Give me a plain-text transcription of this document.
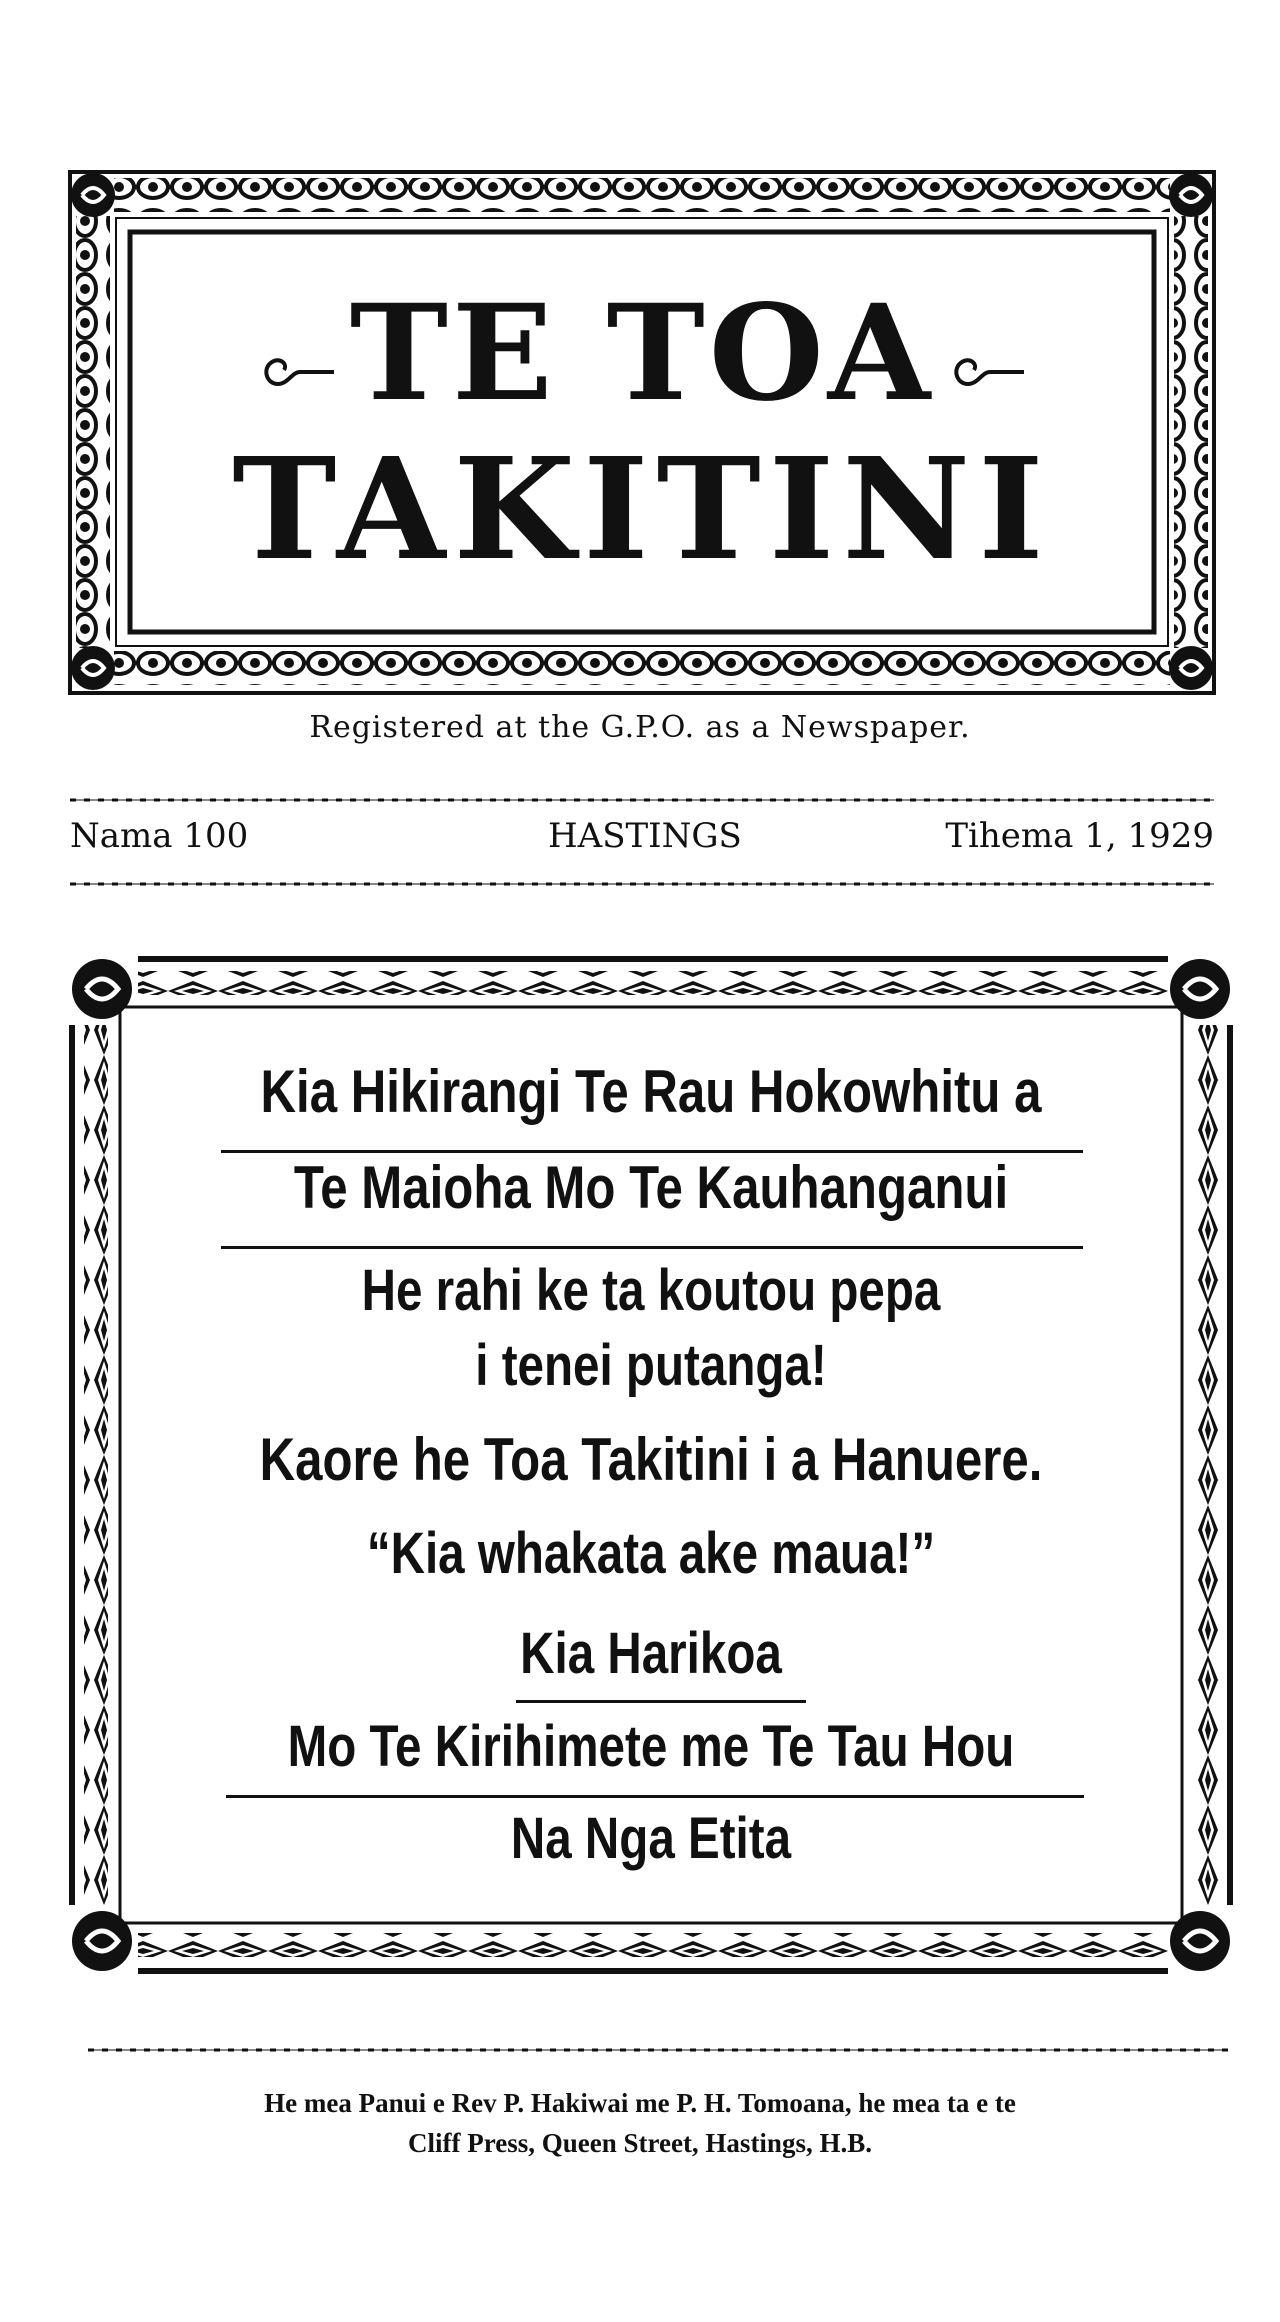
TE TOA
TAKITINI
Registered at the G.P.O. as a Newspaper.
Nama 100	HASTINGS	Tihema 1, 1929
Kia Hikirangi Te Rau Hokowhitu a
Te Maioha Mo Te Kauhanganui
He rahi ke ta koutou pepa
i tenei putanga!
Kaore he Toa Takitini i a Hanuere.
“Kia whakata ake maua!”
Kia Harikoa
Mo Te Kirihimete me Te Tau Hou
Na Nga Etita
He mea Panui e Rev P. Hakiwai me P. H. Tomoana, he mea ta e te
Cliff Press, Queen Street, Hastings, H.B.
